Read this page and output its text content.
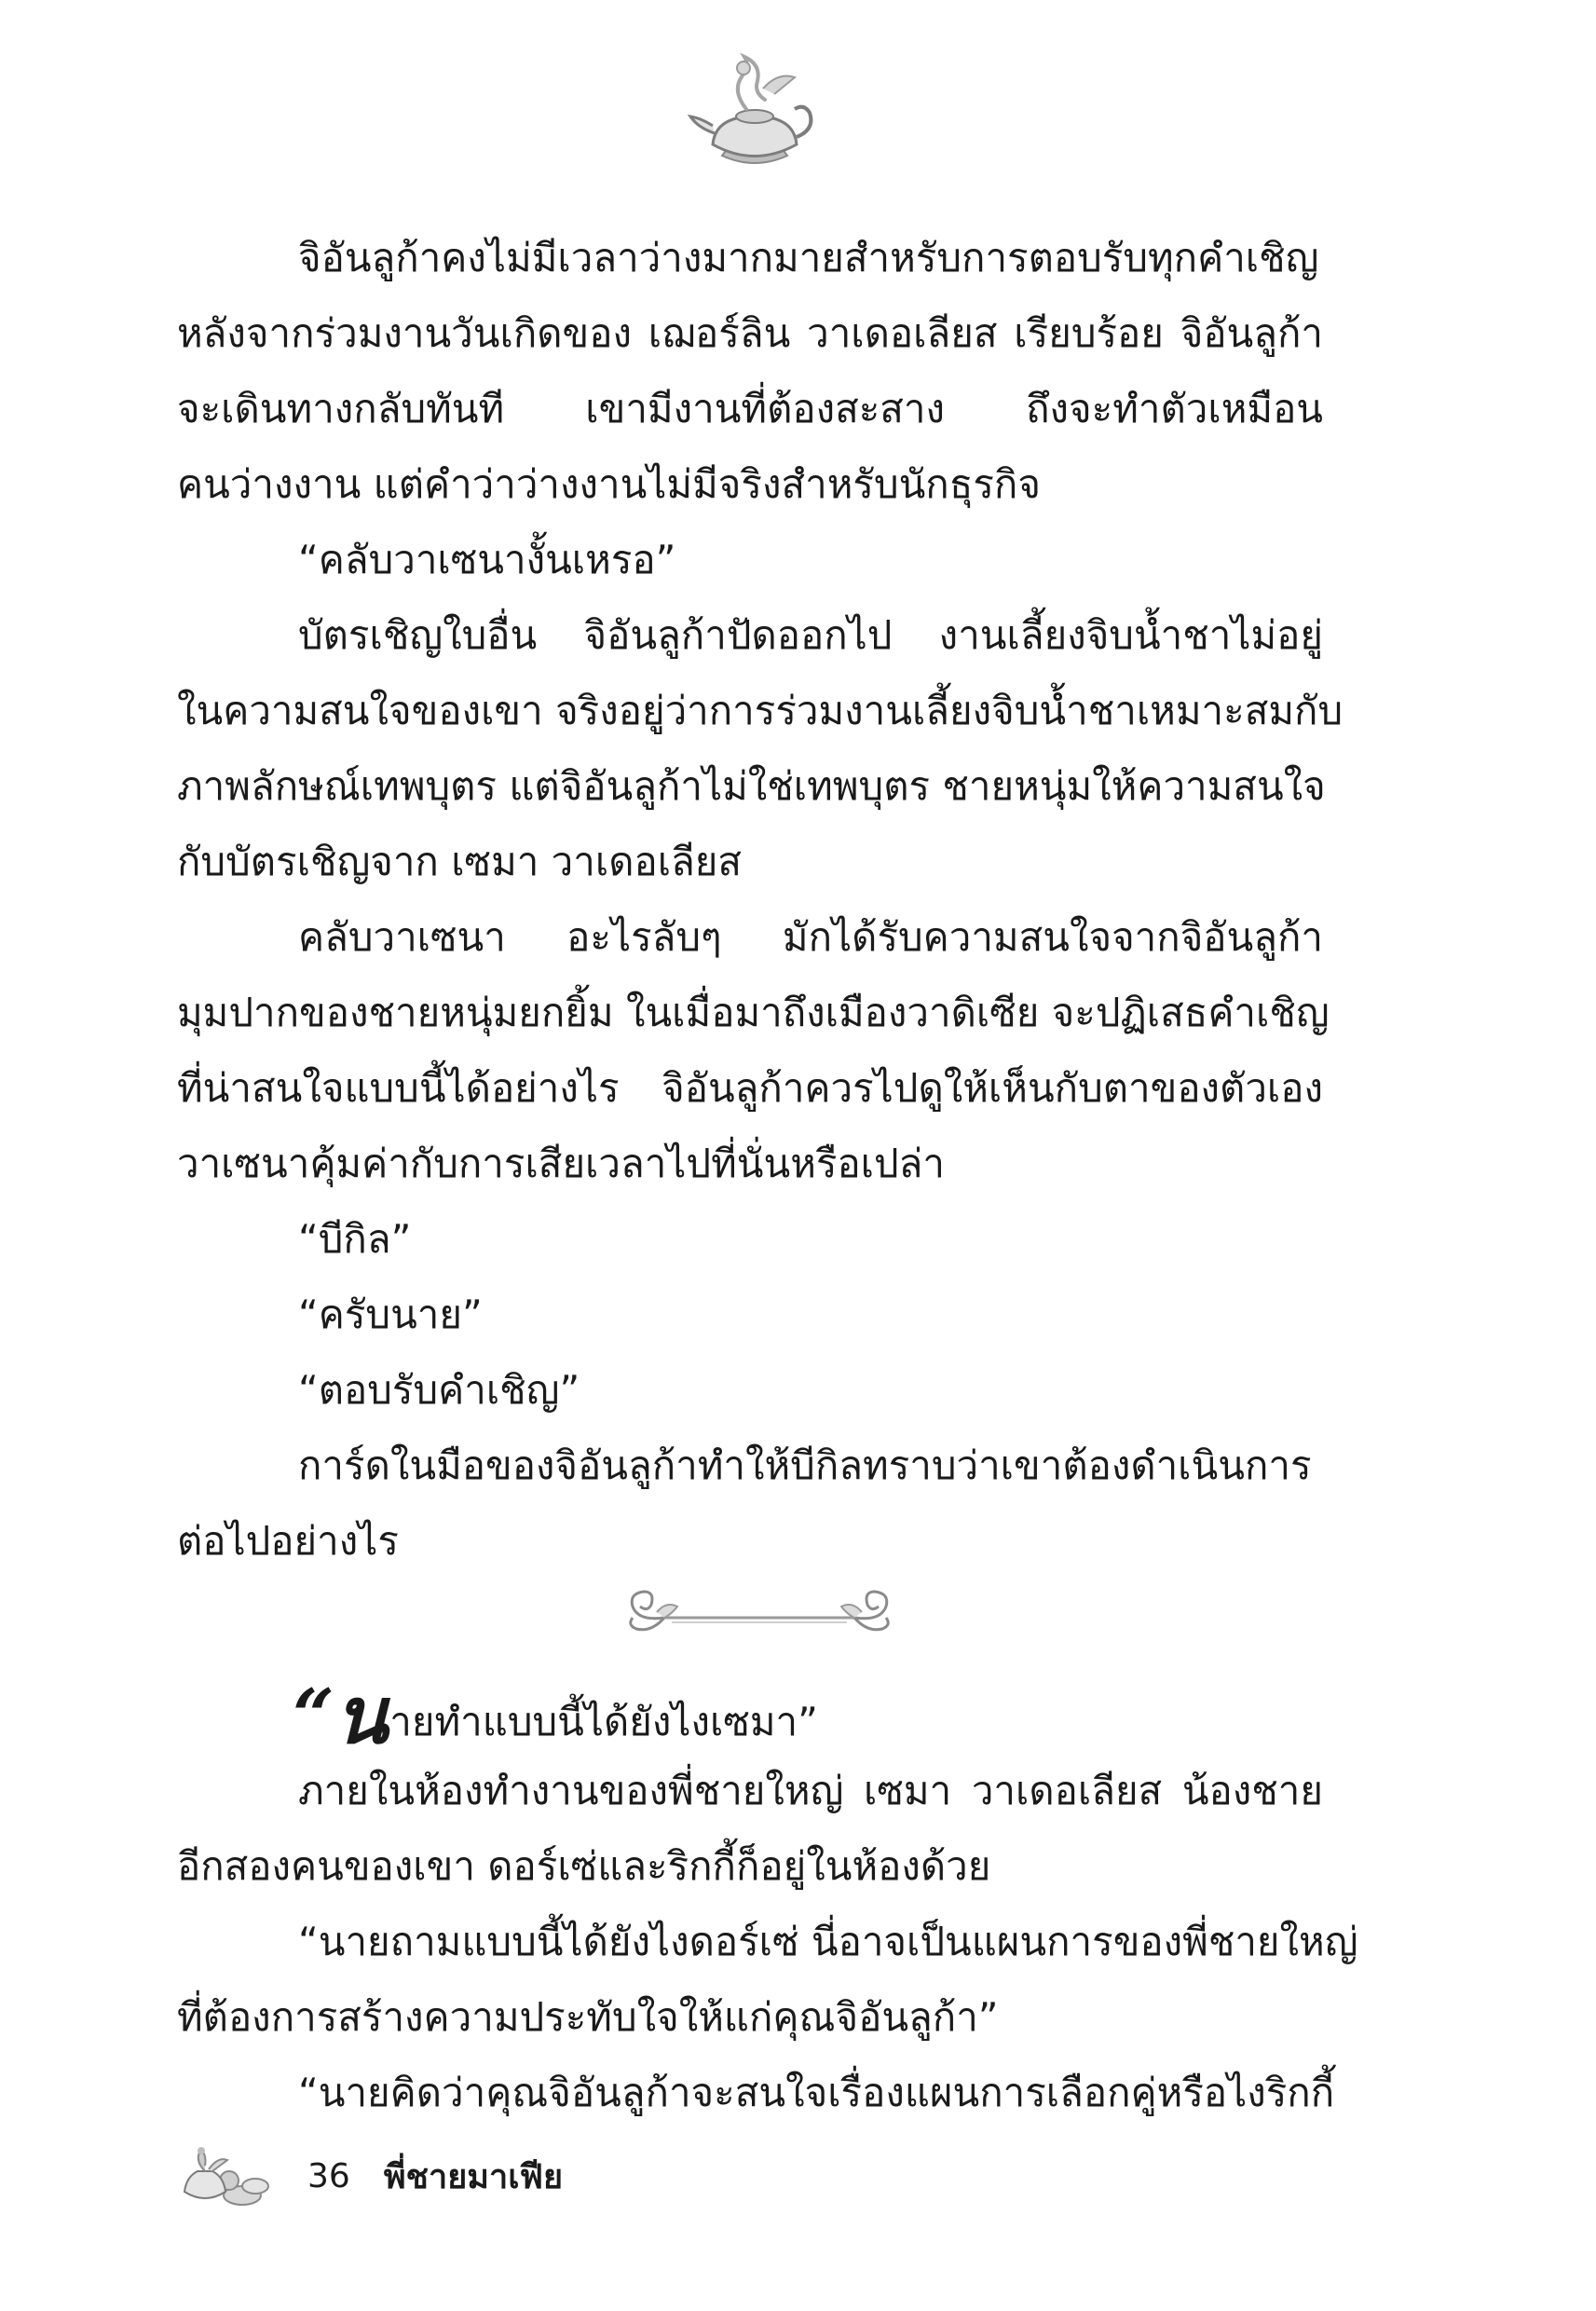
จิอันลูก้าคงไม่มีเวลาว่างมากมายสำหรับการตอบรับทุกคำเชิญ

หลังจากร่วมงานวันเกิดของ เฌอร์ลิน วาเดอเลียส เรียบร้อย จิอันลูก้า

จะเดินทางกลับทันที เขามีงานที่ต้องสะสาง ถึงจะทำตัวเหมือน

คนว่างงาน แต่คำว่าว่างงานไม่มีจริงสำหรับนักธุรกิจ

“คลับวาเซนางั้นเหรอ”

บัตรเชิญใบอื่น จิอันลูก้าปัดออกไป งานเลี้ยงจิบน้ำชาไม่อยู่

ในความสนใจของเขา จริงอยู่ว่าการร่วมงานเลี้ยงจิบน้ำชาเหมาะสมกับ

ภาพลักษณ์เทพบุตร แต่จิอันลูก้าไม่ใช่เทพบุตร ชายหนุ่มให้ความสนใจ

กับบัตรเชิญจาก เซมา วาเดอเลียส

คลับวาเซนา อะไรลับๆ มักได้รับความสนใจจากจิอันลูก้า

มุมปากของชายหนุ่มยกยิ้ม ในเมื่อมาถึงเมืองวาดิเซีย จะปฏิเสธคำเชิญ

ที่น่าสนใจแบบนี้ได้อย่างไร จิอันลูก้าควรไปดูให้เห็นกับตาของตัวเอง

วาเซนาคุ้มค่ากับการเสียเวลาไปที่นั่นหรือเปล่า

“บีกิล”

“ครับนาย”

“ตอบรับคำเชิญ”

การ์ดในมือของจิอันลูก้าทำให้บีกิลทราบว่าเขาต้องดำเนินการ

ต่อไปอย่างไร

“นายทำแบบนี้ได้ยังไงเซมา”

ภายในห้องทำงานของพี่ชายใหญ่ เซมา วาเดอเลียส น้องชาย

อีกสองคนของเขา ดอร์เซ่และริกกี้ก็อยู่ในห้องด้วย

“นายถามแบบนี้ได้ยังไงดอร์เซ่ นี่อาจเป็นแผนการของพี่ชายใหญ่

ที่ต้องการสร้างความประทับใจให้แก่คุณจิอันลูก้า”

“นายคิดว่าคุณจิอันลูก้าจะสนใจเรื่องแผนการเลือกคู่หรือไงริกกี้

36 พี่ชายมาเฟีย
